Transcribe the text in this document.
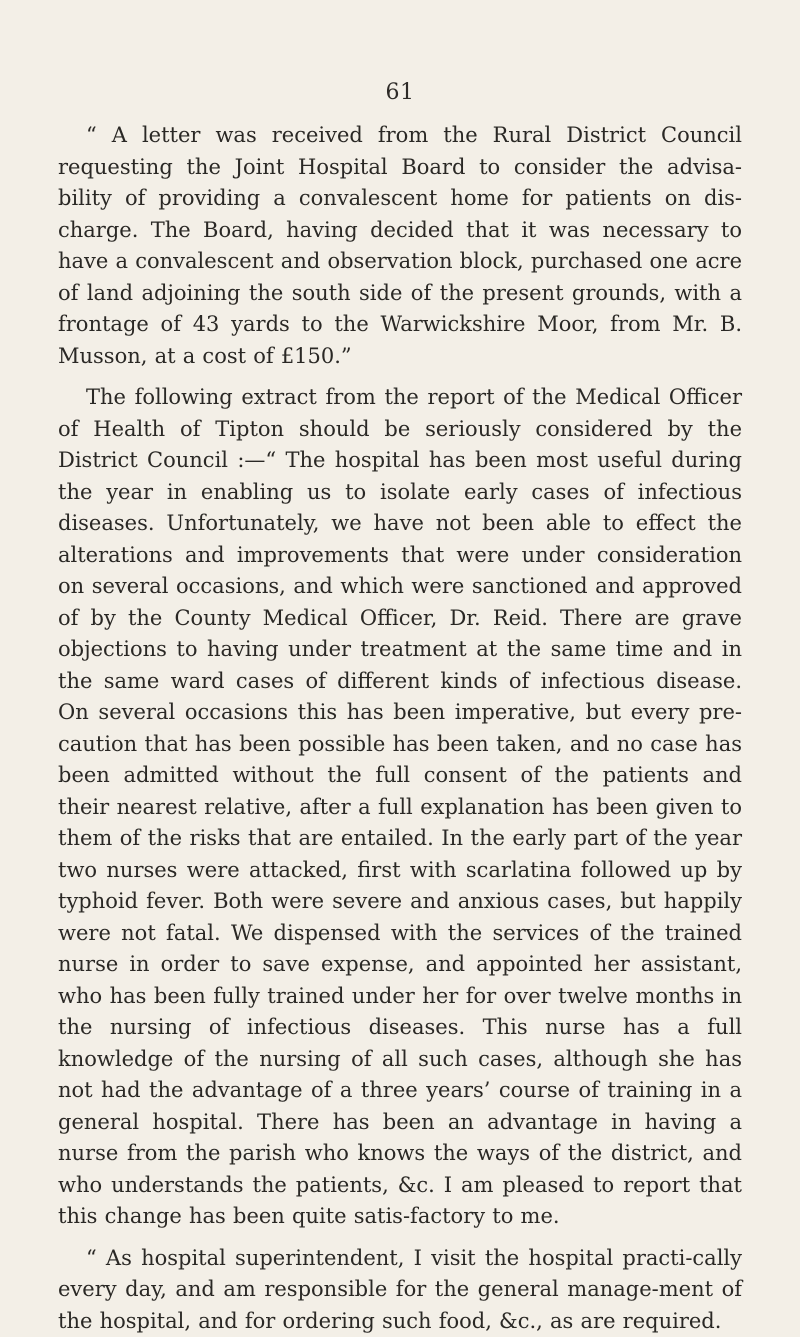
61

“ A letter was received from the Rural District Council requesting the Joint Hospital Board to consider the advisa-bility of providing a convalescent home for patients on dis-charge. The Board, having decided that it was necessary to have a convalescent and observation block, purchased one acre of land adjoining the south side of the present grounds, with a frontage of 43 yards to the Warwickshire Moor, from Mr. B. Musson, at a cost of £150.”

The following extract from the report of the Medical Officer of Health of Tipton should be seriously considered by the District Council :—“ The hospital has been most useful during the year in enabling us to isolate early cases of infectious diseases. Unfortunately, we have not been able to effect the alterations and improvements that were under consideration on several occasions, and which were sanctioned and approved of by the County Medical Officer, Dr. Reid. There are grave objections to having under treatment at the same time and in the same ward cases of different kinds of infectious disease. On several occasions this has been imperative, but every pre-caution that has been possible has been taken, and no case has been admitted without the full consent of the patients and their nearest relative, after a full explanation has been given to them of the risks that are entailed. In the early part of the year two nurses were attacked, first with scarlatina followed up by typhoid fever. Both were severe and anxious cases, but happily were not fatal. We dispensed with the services of the trained nurse in order to save expense, and appointed her assistant, who has been fully trained under her for over twelve months in the nursing of infectious diseases. This nurse has a full knowledge of the nursing of all such cases, although she has not had the advantage of a three years’ course of training in a general hospital. There has been an advantage in having a nurse from the parish who knows the ways of the district, and who understands the patients, &c. I am pleased to report that this change has been quite satis-factory to me.

“ As hospital superintendent, I visit the hospital practi-cally every day, and am responsible for the general manage-ment of the hospital, and for ordering such food, &c., as are required.
